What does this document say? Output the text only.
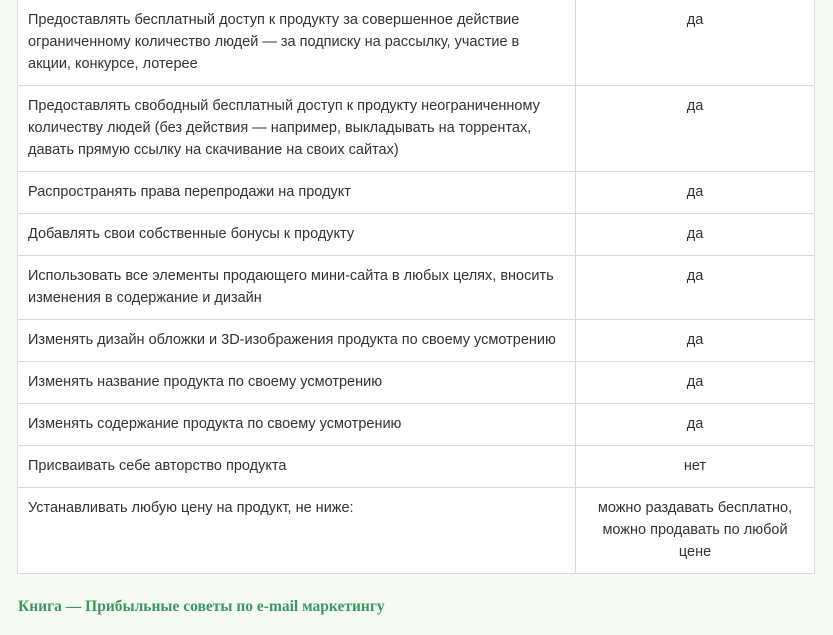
Предоставлять бесплатный доступ к продукту за совершенное действие ограниченному количество людей — за подписку на рассылку, участие в акции, конкурсе, лотерее	да
Предоставлять свободный бесплатный доступ к продукту неограниченному количеству людей (без действия — например, выкладывать на торрентах, давать прямую ссылку на скачивание на своих сайтах)	да
Распространять права перепродажи на продукт	да
Добавлять свои собственные бонусы к продукту	да
Использовать все элементы продающего мини-сайта в любых целях, вносить изменения в содержание и дизайн	да
Изменять дизайн обложки и 3D-изображения продукта по своему усмотрению	да
Изменять название продукта по своему усмотрению	да
Изменять содержание продукта по своему усмотрению	да
Присваивать себе авторство продукта	нет
Устанавливать любую цену на продукт, не ниже:	можно раздавать бесплатно, можно продавать по любой цене
Книга — Прибыльные советы по e-mail маркетингу
